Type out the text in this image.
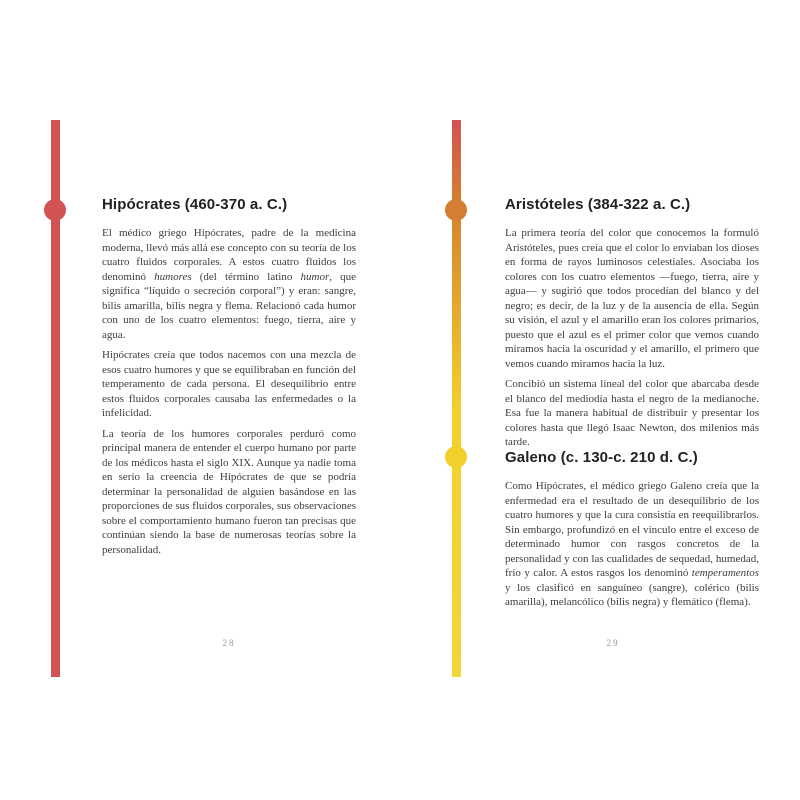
Hipócrates (460-370 a. C.)

El médico griego Hipócrates, padre de la medicina moderna, llevó más allá ese concepto con su teoría de los cuatro fluidos corporales. A estos cuatro fluidos los denominó humores (del término latino humor, que significa “líquido o secreción corporal”) y eran: sangre, bilis amarilla, bilis negra y flema. Relacionó cada humor con uno de los cuatro elementos: fuego, tierra, aire y agua.

Hipócrates creía que todos nacemos con una mezcla de esos cuatro humores y que se equilibraban en función del temperamento de cada persona. El desequilibrio entre estos fluidos corporales causaba las enfermedades o la infelicidad.

La teoría de los humores corporales perduró como principal manera de entender el cuerpo humano por parte de los médicos hasta el siglo XIX. Aunque ya nadie toma en serio la creencia de Hipócrates de que se podría determinar la personalidad de alguien basándose en las proporciones de sus fluidos corporales, sus observaciones sobre el comportamiento humano fueron tan precisas que continúan siendo la base de numerosas teorías sobre la personalidad.

Aristóteles (384-322 a. C.)

La primera teoría del color que conocemos la formuló Aristóteles, pues creía que el color lo enviaban los dioses en forma de rayos luminosos celestiales. Asociaba los colores con los cuatro elementos —fuego, tierra, aire y agua— y sugirió que todos procedían del blanco y del negro; es decir, de la luz y de la ausencia de ella. Según su visión, el azul y el amarillo eran los colores primarios, puesto que el azul es el primer color que vemos cuando miramos hacia la oscuridad y el amarillo, el primero que vemos cuando miramos hacia la luz.

Concibió un sistema lineal del color que abarcaba desde el blanco del mediodía hasta el negro de la medianoche. Esa fue la manera habitual de distribuir y presentar los colores hasta que llegó Isaac Newton, dos milenios más tarde.

Galeno (c. 130-c. 210 d. C.)

Como Hipócrates, el médico griego Galeno creía que la enfermedad era el resultado de un desequilibrio de los cuatro humores y que la cura consistía en reequilibrarlos. Sin embargo, profundizó en el vínculo entre el exceso de determinado humor con rasgos concretos de la personalidad y con las cualidades de sequedad, humedad, frío y calor. A estos rasgos los denominó temperamentos y los clasificó en sanguíneo (sangre), colérico (bilis amarilla), melancólico (bilis negra) y flemático (flema).

28	29
